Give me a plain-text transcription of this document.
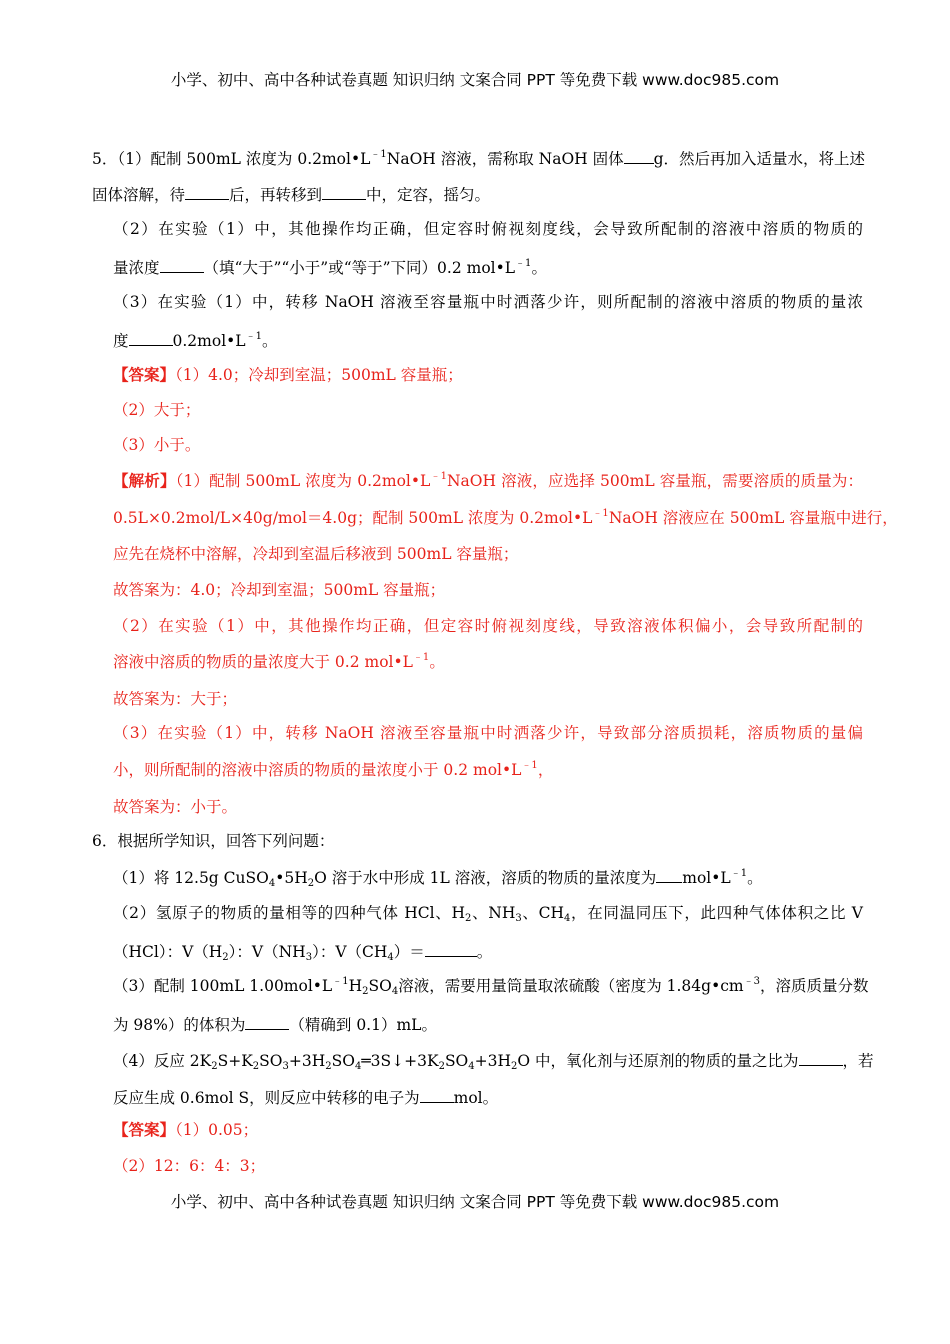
小学、初中、高中各种试卷真题 知识归纳 文案合同 PPT 等免费下载 www.doc985.com
5．（1）配制 500mL 浓度为 $0.2mol•L^{﹣1}NaOH$ 溶液，需称取 NaOH 固体 g．然后再加入适量水，将上述
固体溶解，待	后，再转移到	中，定容，摇匀。
（2）在实验（1）中，其他操作均正确，但定容时俯视刻度线，会导致所配制的溶液中溶质的物质的
量浓度	（填“大于”“小于”或“等于”下同）0.2 $mol•L^{﹣1}$。
（3）在实验（1）中，转移 NaOH 溶液至容量瓶中时洒落少许，则所配制的溶液中溶质的物质的量浓
度	$0.2mol•L^{﹣1}$。
【答案】（1）4.0；冷却到室温；500mL 容量瓶；
（2）大于；
（3）小于。
【解析】（1）配制 500mL 浓度为 $0.2mol•L^{﹣1}NaOH$ 溶液，应选择 500mL 容量瓶，需要溶质的质量为：
0.5L×0.2mol/L×40g/mol＝4.0g；配制 500mL 浓度为 $0.2mol•L^{﹣1}NaOH$ 溶液应在 500mL 容量瓶中进行，
应先在烧杯中溶解，冷却到室温后移液到 500mL 容量瓶；
故答案为：4.0；冷却到室温；500mL 容量瓶；
（2）在实验（1）中，其他操作均正确，但定容时俯视刻度线，导致溶液体积偏小，会导致所配制的
溶液中溶质的物质的量浓度大于 0.2 $mol•L^{﹣1}$。
故答案为：大于；
（3）在实验（1）中，转移 NaOH 溶液至容量瓶中时洒落少许，导致部分溶质损耗，溶质物质的量偏
小，则所配制的溶液中溶质的物质的量浓度小于 0.2 $mol•L^{﹣1}$，
故答案为：小于。
6．根据所学知识，回答下列问题：
（1）将 12.5g $CuSO_4•5H_2O$ 溶于水中形成 1L 溶液，溶质的物质的量浓度为 $mol•L^{﹣1}$。
（2）氢原子的物质的量相等的四种气体 HCl、$H_2$、$NH_3$、$CH_4$，在同温同压下，此四种气体体积之比 V
（HCl）：$V(H_2)$：$V(NH_3)$：$V(CH_4)=$	。
（3）配制 100mL $1.00mol•L^{﹣1}H_2SO_4$溶液，需要用量筒量取浓硫酸（密度为 $1.84g•cm^{﹣3}$，溶质质量分数
为 98%）的体积为	（精确到 0.1）mL。
（4）反应 $2K_2S+K_2SO_3+3H_2SO_4═3S↓+3K_2SO_4+3H_2O$ 中，氧化剂与还原剂的物质的量之比为	，若
反应生成 0.6mol S，则反应中转移的电子为 mol。
【答案】（1）0.05；
（2）12：6：4：3；
小学、初中、高中各种试卷真题 知识归纳 文案合同 PPT 等免费下载 www.doc985.com
